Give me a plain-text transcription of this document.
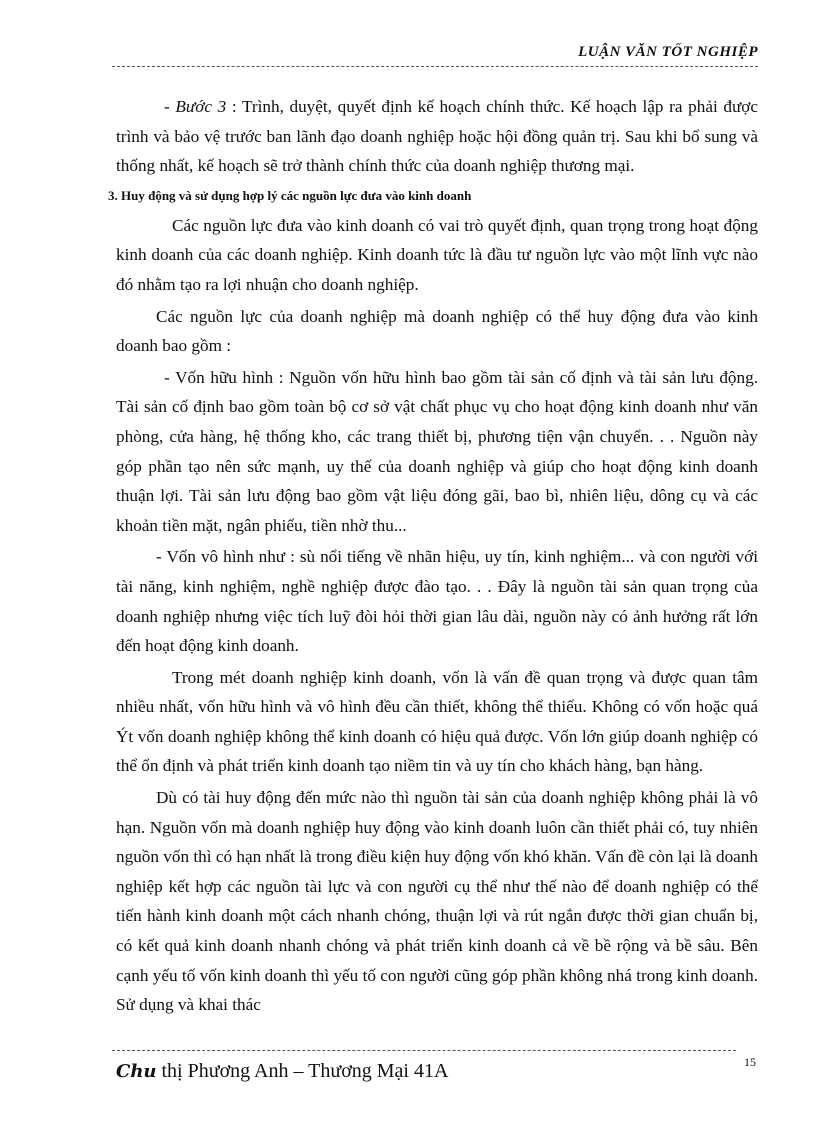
LUẬN VĂN TỐT NGHIỆP

- Bước 3 : Trình, duyệt, quyết định kế hoạch chính thức. Kế hoạch lập ra phải được trình và bảo vệ trước ban lãnh đạo doanh nghiệp hoặc hội đồng quản trị. Sau khi bổ sung và thống nhất, kế hoạch sẽ trở thành chính thức của doanh nghiệp thương mại.

3. Huy động và sử dụng hợp lý các nguồn lực đưa vào kinh doanh

Các nguồn lực đưa vào kinh doanh có vai trò quyết định, quan trọng trong hoạt động kinh doanh của các doanh nghiệp. Kinh doanh tức là đầu tư nguồn lực vào một lĩnh vực nào đó nhằm tạo ra lợi nhuận cho doanh nghiệp.

Các nguồn lực của doanh nghiệp mà doanh nghiệp có thể huy động đưa vào kinh doanh bao gồm :

- Vốn hữu hình : Nguồn vốn hữu hình bao gồm tài sản cố định và tài sản lưu động. Tài sản cố định bao gồm toàn bộ cơ sở vật chất phục vụ cho hoạt động kinh doanh như văn phòng, cửa hàng, hệ thống kho, các trang thiết bị, phương tiện vận chuyển. . . Nguồn này góp phần tạo nên sức mạnh, uy thế của doanh nghiệp và giúp cho hoạt động kinh doanh thuận lợi. Tài sản lưu động bao gồm vật liệu đóng gãi, bao bì, nhiên liệu, dông cụ và các khoản tiền mặt, ngân phiếu, tiền nhờ thu...

- Vốn vô hình như : sù nổi tiếng về nhãn hiệu, uy tín, kinh nghiệm... và con người với tài năng, kinh nghiệm, nghề nghiệp được đào tạo. . . Đây là nguồn tài sản quan trọng của doanh nghiệp nhưng việc tích luỹ đòi hỏi thời gian lâu dài, nguồn này có ảnh hưởng rất lớn đến hoạt động kinh doanh.

Trong mét doanh nghiệp kinh doanh, vốn là vấn đề quan trọng và được quan tâm nhiều nhất, vốn hữu hình và vô hình đều cần thiết, không thể thiếu. Không có vốn hoặc quá Ýt vốn doanh nghiệp không thể kinh doanh có hiệu quả được. Vốn lớn giúp doanh nghiệp có thể ổn định và phát triển kinh doanh tạo niềm tin và uy tín cho khách hàng, bạn hàng.

Dù có tài huy động đến mức nào thì nguồn tài sản của doanh nghiệp không phải là vô hạn. Nguồn vốn mà doanh nghiệp huy động vào kinh doanh luôn cần thiết phải có, tuy nhiên nguồn vốn thì có hạn nhất là trong điều kiện huy động vốn khó khăn. Vấn đề còn lại là doanh nghiệp kết hợp các nguồn tài lực và con người cụ thể như thế nào để doanh nghiệp có thể tiến hành kinh doanh một cách nhanh chóng, thuận lợi và rút ngắn được thời gian chuẩn bị, có kết quả kinh doanh nhanh chóng và phát triển kinh doanh cả về bề rộng và bề sâu. Bên cạnh yếu tố vốn kinh doanh thì yếu tố con người cũng góp phần không nhá trong kinh doanh. Sử dụng và khai thác

Chu thị Phương Anh – Thương Mại 41A	15
